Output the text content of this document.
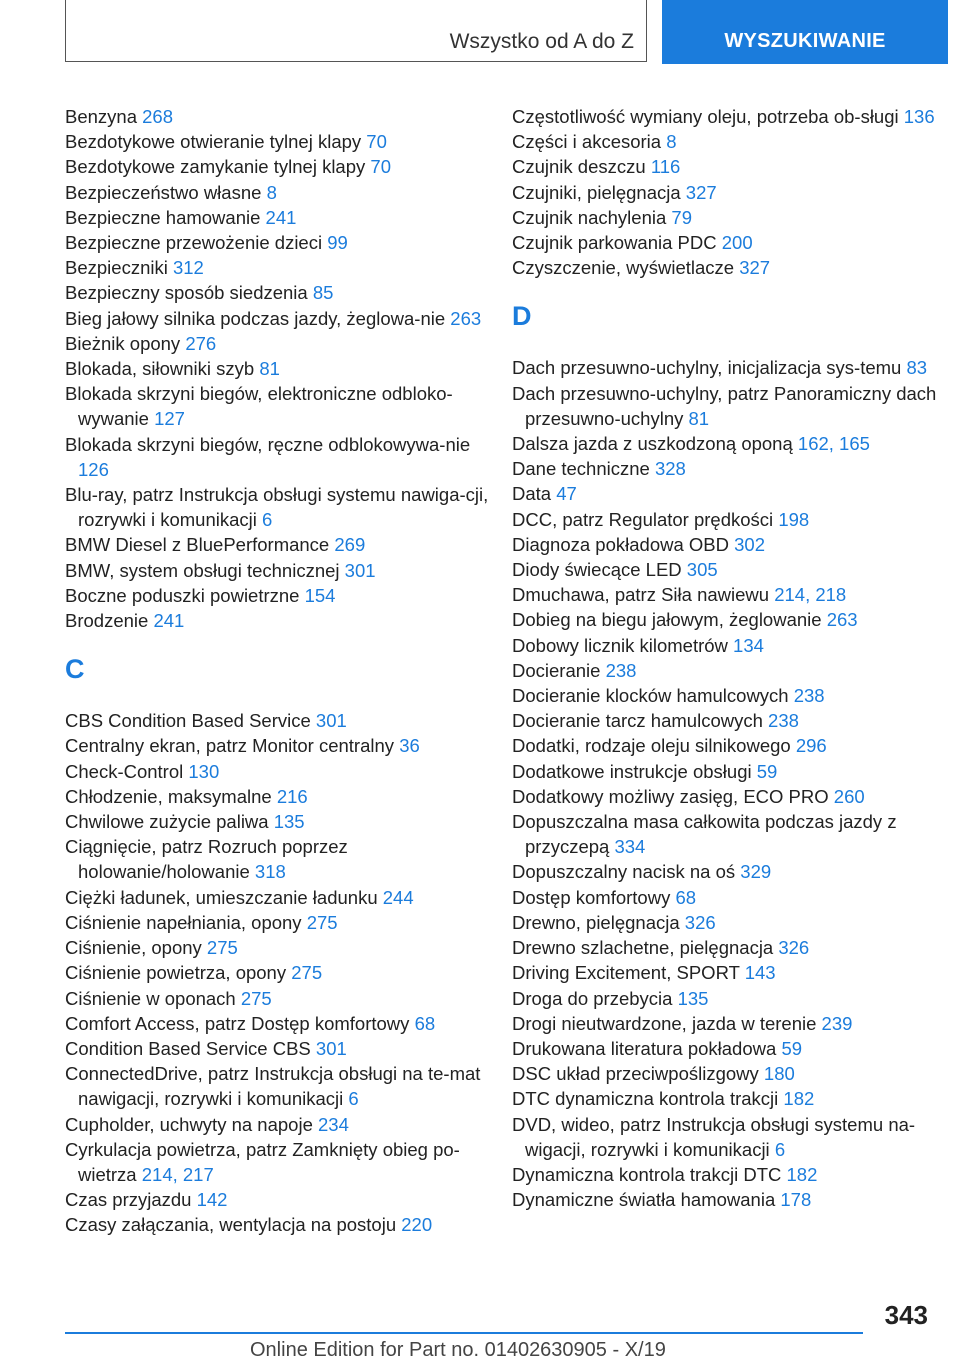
Wszystko od A do Z	WYSZUKIWANIE
Benzyna 268
Bezdotykowe otwieranie tylnej klapy 70
Bezdotykowe zamykanie tylnej klapy 70
Bezpieczeństwo własne 8
Bezpieczne hamowanie 241
Bezpieczne przewożenie dzieci 99
Bezpieczniki 312
Bezpieczny sposób siedzenia 85
Bieg jałowy silnika podczas jazdy, żeglowa-nie 263
Bieżnik opony 276
Blokada, siłowniki szyb 81
Blokada skrzyni biegów, elektroniczne odbloko-wywanie 127
Blokada skrzyni biegów, ręczne odblokowywa-nie 126
Blu-ray, patrz Instrukcja obsługi systemu nawiga-cji, rozrywki i komunikacji 6
BMW Diesel z BluePerformance 269
BMW, system obsługi technicznej 301
Boczne poduszki powietrzne 154
Brodzenie 241
C
CBS Condition Based Service 301
Centralny ekran, patrz Monitor centralny 36
Check-Control 130
Chłodzenie, maksymalne 216
Chwilowe zużycie paliwa 135
Ciągnięcie, patrz Rozruch poprzez holowanie/holowanie 318
Ciężki ładunek, umieszczanie ładunku 244
Ciśnienie napełniania, opony 275
Ciśnienie, opony 275
Ciśnienie powietrza, opony 275
Ciśnienie w oponach 275
Comfort Access, patrz Dostęp komfortowy 68
Condition Based Service CBS 301
ConnectedDrive, patrz Instrukcja obsługi na te-mat nawigacji, rozrywki i komunikacji 6
Cupholder, uchwyty na napoje 234
Cyrkulacja powietrza, patrz Zamknięty obieg po-wietrza 214, 217
Czas przyjazdu 142
Czasy załączania, wentylacja na postoju 220
Częstotliwość wymiany oleju, potrzeba ob-sługi 136
Części i akcesoria 8
Czujnik deszczu 116
Czujniki, pielęgnacja 327
Czujnik nachylenia 79
Czujnik parkowania PDC 200
Czyszczenie, wyświetlacze 327
D
Dach przesuwno-uchylny, inicjalizacja sys-temu 83
Dach przesuwno-uchylny, patrz Panoramiczny dach przesuwno-uchylny 81
Dalsza jazda z uszkodzoną oponą 162, 165
Dane techniczne 328
Data 47
DCC, patrz Regulator prędkości 198
Diagnoza pokładowa OBD 302
Diody świecące LED 305
Dmuchawa, patrz Siła nawiewu 214, 218
Dobieg na biegu jałowym, żeglowanie 263
Dobowy licznik kilometrów 134
Docieranie 238
Docieranie klocków hamulcowych 238
Docieranie tarcz hamulcowych 238
Dodatki, rodzaje oleju silnikowego 296
Dodatkowe instrukcje obsługi 59
Dodatkowy możliwy zasięg, ECO PRO 260
Dopuszczalna masa całkowita podczas jazdy z przyczepą 334
Dopuszczalny nacisk na oś 329
Dostęp komfortowy 68
Drewno, pielęgnacja 326
Drewno szlachetne, pielęgnacja 326
Driving Excitement, SPORT 143
Droga do przebycia 135
Drogi nieutwardzone, jazda w terenie 239
Drukowana literatura pokładowa 59
DSC układ przeciwpoślizgowy 180
DTC dynamiczna kontrola trakcji 182
DVD, wideo, patrz Instrukcja obsługi systemu na-wigacji, rozrywki i komunikacji 6
Dynamiczna kontrola trakcji DTC 182
Dynamiczne światła hamowania 178
343
Online Edition for Part no. 01402630905 - X/19
